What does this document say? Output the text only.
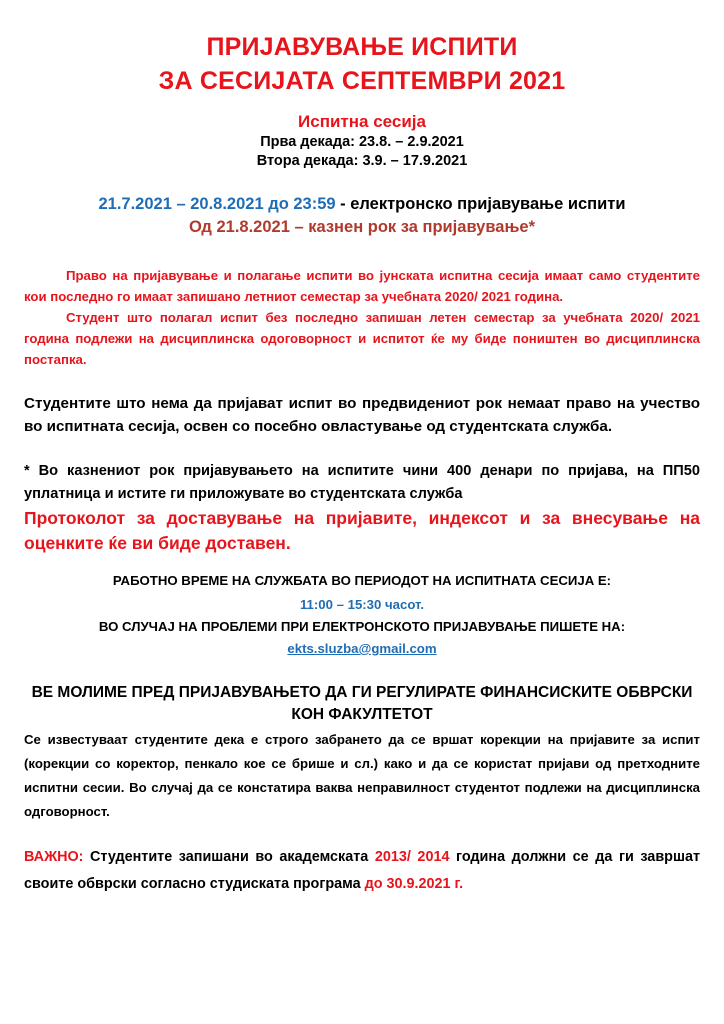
ПРИЈАВУВАЊЕ ИСПИТИ
ЗА СЕСИЈАТА СЕПТЕМВРИ 2021
Испитна сесија
Прва декада: 23.8. – 2.9.2021
Втора декада: 3.9. – 17.9.2021
21.7.2021 – 20.8.2021 до 23:59 - електронско пријавување испити
Од 21.8.2021 – казнен рок за пријавување*

Право на пријавување и полагање испити во јунската испитна сесија имаат само студентите кои последно го имаат запишано летниот семестар за учебната 2020/ 2021 година.

Студент што полагал испит без последно запишан летен семестар за учебната 2020/ 2021 година подлежи на дисциплинска одоговорност и испитот ќе му биде поништен во дисциплинска постапка.

Студентите што нема да пријават испит во предвидениот рок немаат право на учество во испитната сесија, освен со посебно овластување од студентската служба.

* Во казнениот рок пријавувањето на испитите чини 400 денари по пријава, на ПП50 уплатница и истите ги приложувате во студентската служба

Протоколот за доставување на пријавите, индексот и за внесување на оценките ќе ви биде доставен.

РАБОТНО ВРЕМЕ НА СЛУЖБАТА ВО ПЕРИОДОТ НА ИСПИТНАТА СЕСИЈА Е:
11:00 – 15:30 часот.
ВО СЛУЧАЈ НА ПРОБЛЕМИ ПРИ ЕЛЕКТРОНСКОТО ПРИЈАВУВАЊЕ ПИШЕТЕ НА:
ekts.sluzba@gmail.com
ВЕ МОЛИМЕ ПРЕД ПРИЈАВУВАЊЕТО ДА ГИ РЕГУЛИРАТЕ ФИНАНСИСКИТЕ ОБВРСКИ КОН ФАКУЛТЕТОТ
Се известуваат студентите дека е строго забрането да се вршат корекции на пријавите за испит (корекции со коректор, пенкало кое се брише и сл.) како и да се користат пријави од претходните испитни сесии. Во случај да се констатира ваква неправилност студентот подлежи на дисциплинска одговорност.
ВАЖНО: Студентите запишани во академската 2013/ 2014 година должни се да ги завршат своите обврски согласно студиската програма до 30.9.2021 г.
